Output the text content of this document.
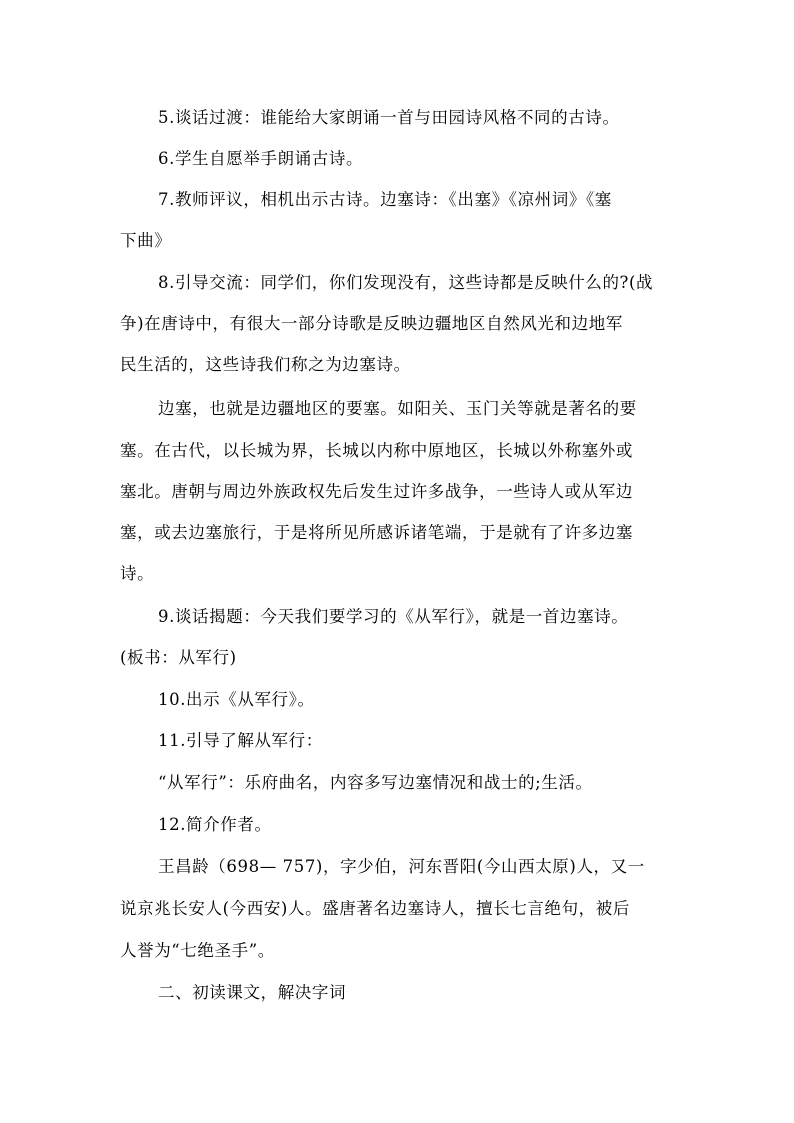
5.谈话过渡：谁能给大家朗诵一首与田园诗风格不同的古诗。
6.学生自愿举手朗诵古诗。
7.教师评议，相机出示古诗。边塞诗：《出塞》《凉州词》《塞
下曲》
8.引导交流：同学们，你们发现没有，这些诗都是反映什么的?(战
争)在唐诗中，有很大一部分诗歌是反映边疆地区自然风光和边地军
民生活的，这些诗我们称之为边塞诗。
边塞，也就是边疆地区的要塞。如阳关、玉门关等就是著名的要
塞。在古代，以长城为界，长城以内称中原地区，长城以外称塞外或
塞北。唐朝与周边外族政权先后发生过许多战争，一些诗人或从军边
塞，或去边塞旅行，于是将所见所感诉诸笔端，于是就有了许多边塞
诗。
9.谈话揭题：今天我们要学习的《从军行》，就是一首边塞诗。
(板书：从军行)
10.出示《从军行》。
11.引导了解从军行：
“从军行”：乐府曲名，内容多写边塞情况和战士的;生活。
12.简介作者。
王昌龄（698— 757)，字少伯，河东晋阳(今山西太原)人，又一
说京兆长安人(今西安)人。盛唐著名边塞诗人，擅长七言绝句，被后
人誉为“七绝圣手”。
二、初读课文，解决字词
